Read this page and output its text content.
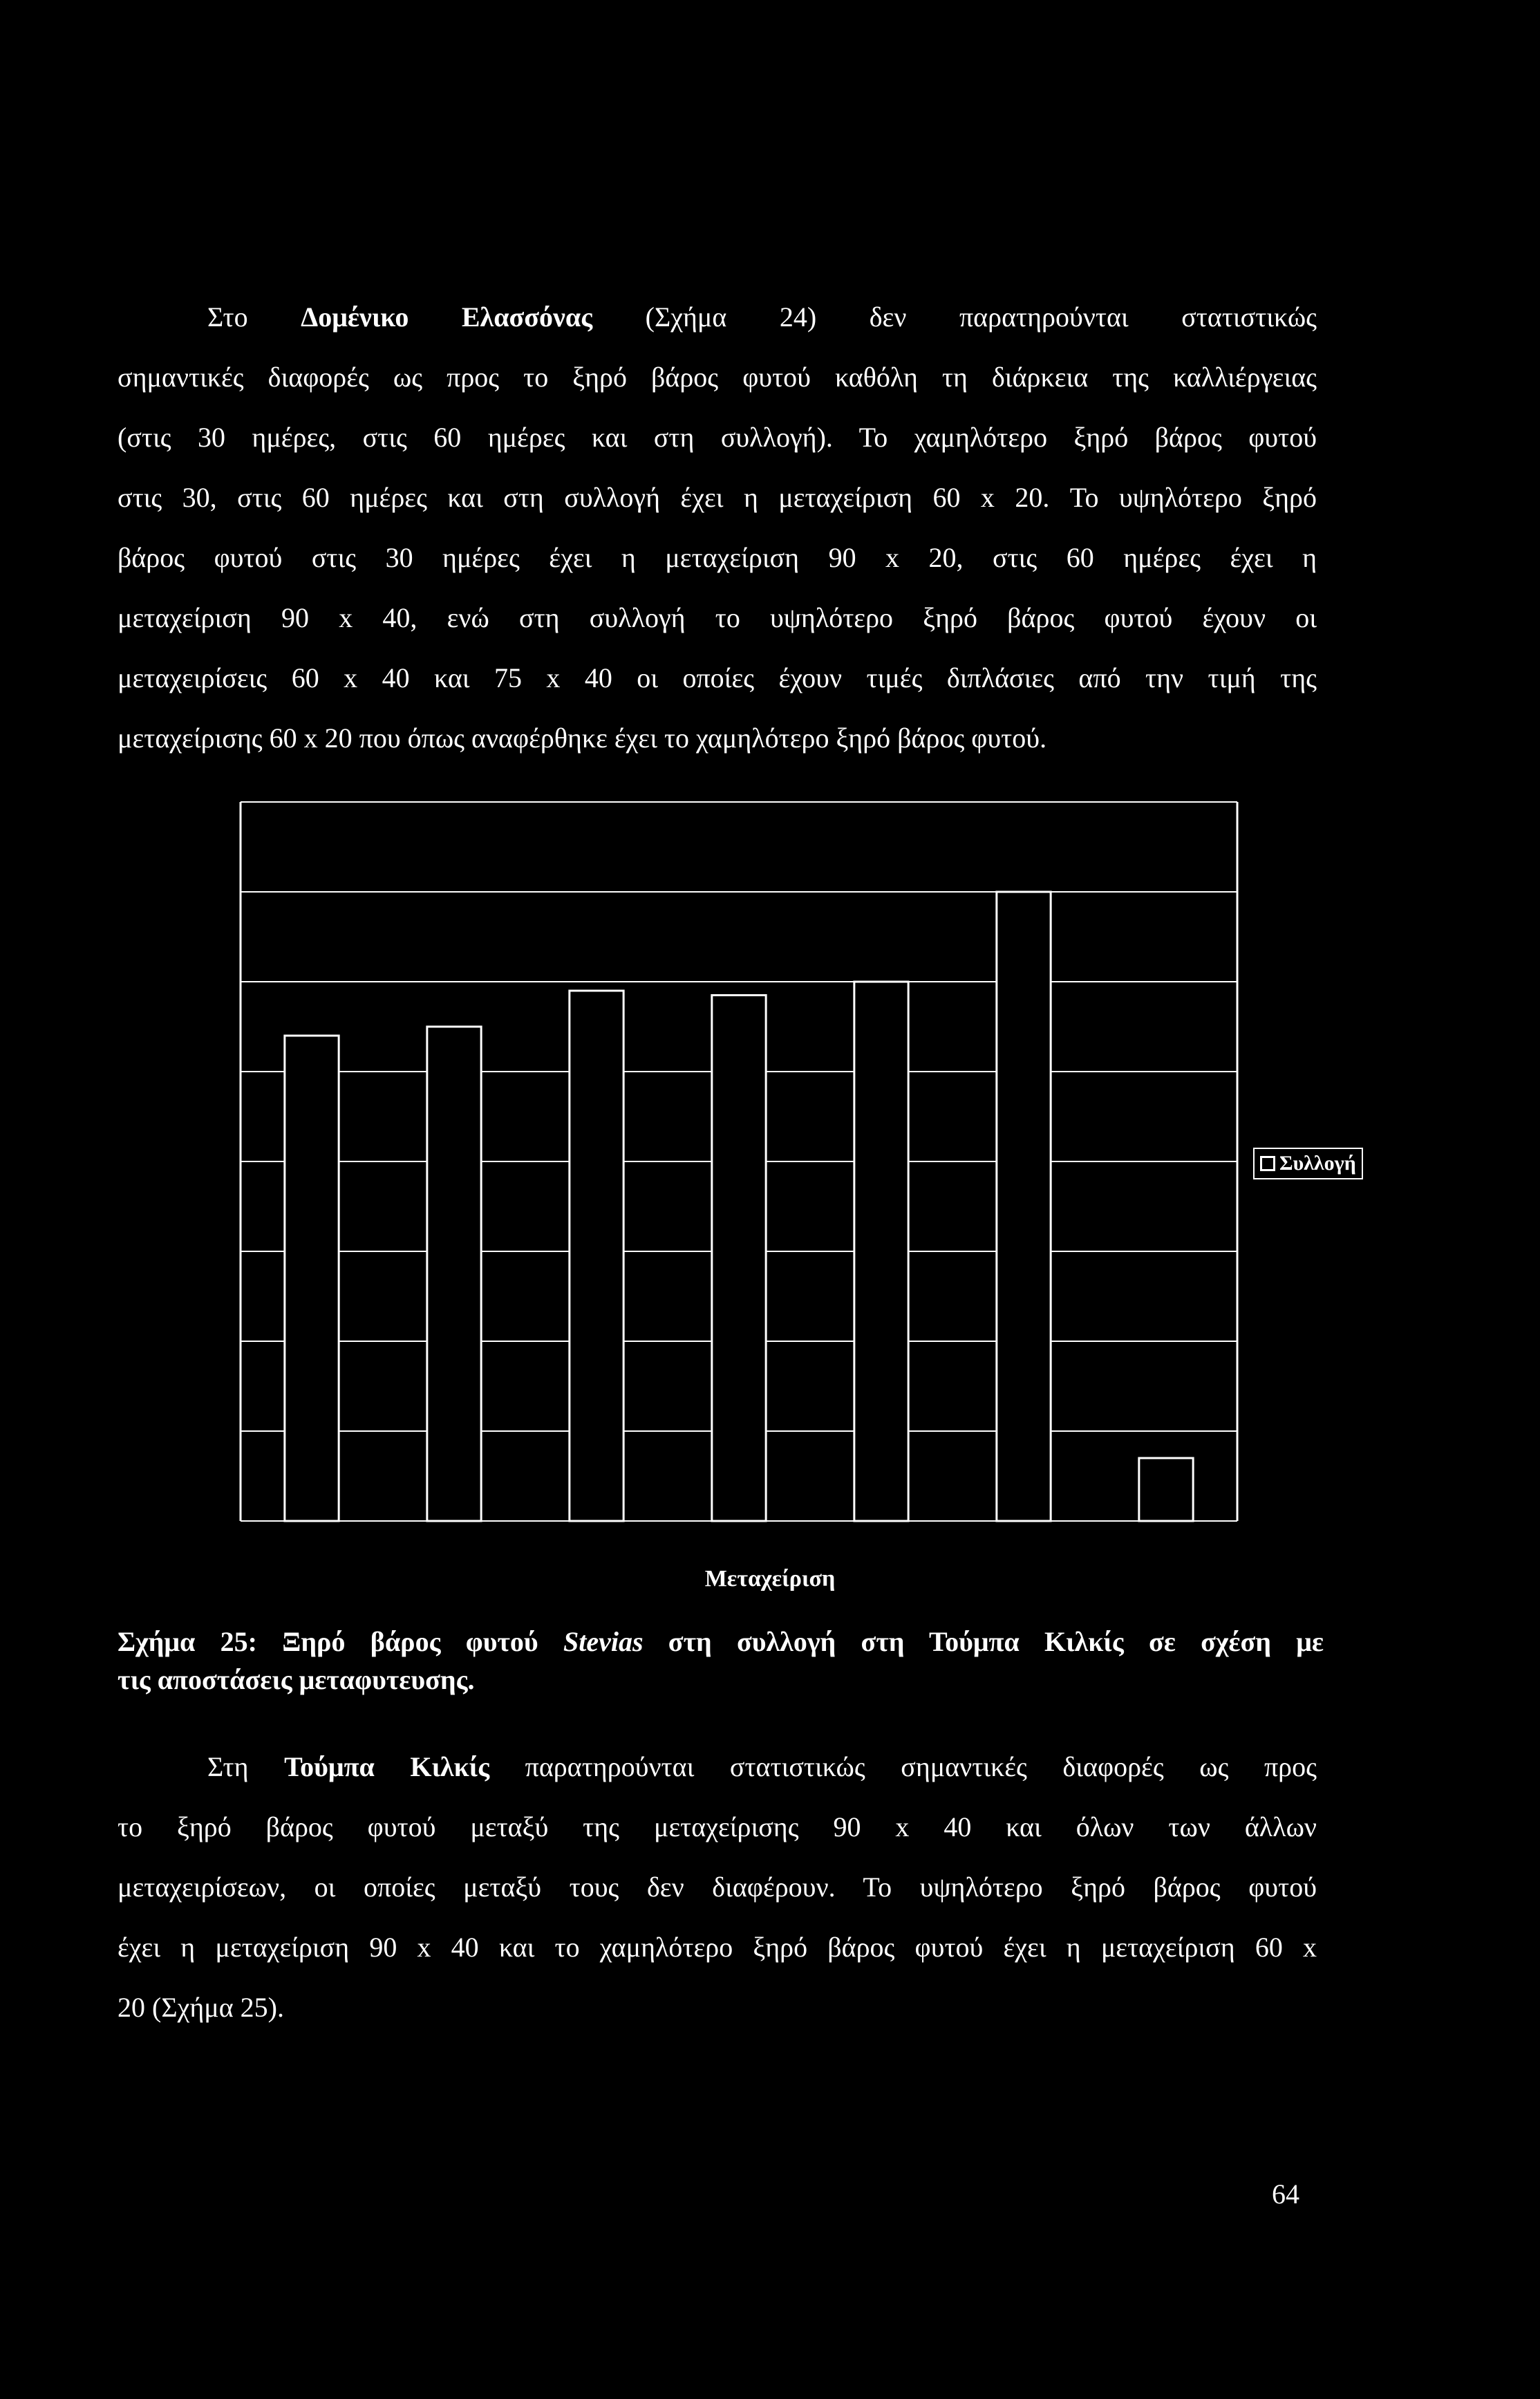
Στο Δομένικο Ελασσόνας (Σχήμα 24) δεν παρατηρούνται στατιστικώς
σημαντικές διαφορές ως προς το ξηρό βάρος φυτού καθόλη τη διάρκεια της καλλιέργειας
(στις 30 ημέρες, στις 60 ημέρες και στη συλλογή). Το χαμηλότερο ξηρό βάρος φυτού
στις 30, στις 60 ημέρες και στη συλλογή έχει η μεταχείριση 60 x 20. Το υψηλότερο ξηρό
βάρος φυτού στις 30 ημέρες έχει η μεταχείριση 90 x 20, στις 60 ημέρες έχει η
μεταχείριση 90 x 40, ενώ στη συλλογή το υψηλότερο ξηρό βάρος φυτού έχουν οι
μεταχειρίσεις 60 x 40 και 75 x 40 οι οποίες έχουν τιμές διπλάσιες από την τιμή της
μεταχείρισης 60 x 20 που όπως αναφέρθηκε έχει το χαμηλότερο ξηρό βάρος φυτού.
Συλλογή
Μεταχείριση
Σχήμα 25: Ξηρό βάρος φυτού Stevias στη συλλογή στη Τούμπα Κιλκίς σε σχέση με
τις αποστάσεις μεταφυτευσης.
Στη Τούμπα Κιλκίς παρατηρούνται στατιστικώς σημαντικές διαφορές ως προς
το ξηρό βάρος φυτού μεταξύ της μεταχείρισης 90 x 40 και όλων των άλλων
μεταχειρίσεων, οι οποίες μεταξύ τους δεν διαφέρουν. Το υψηλότερο ξηρό βάρος φυτού
έχει η μεταχείριση 90 x 40 και το χαμηλότερο ξηρό βάρος φυτού έχει η μεταχείριση 60 x
20 (Σχήμα 25).
64
